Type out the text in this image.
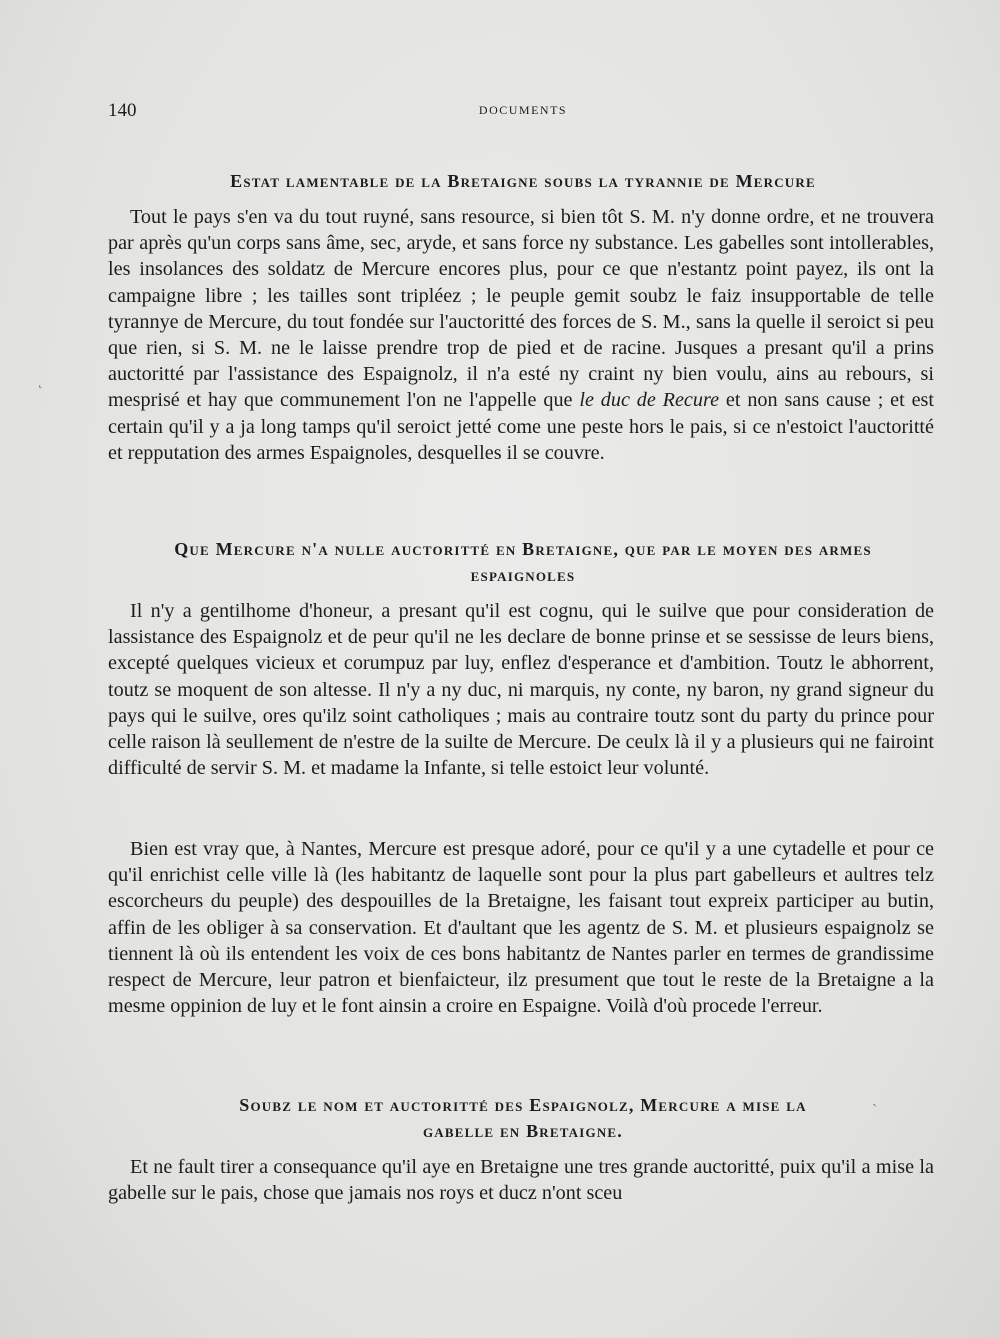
140	DOCUMENTS
Estat lamentable de la Bretaigne soubs la tyrannie de Mercure

Tout le pays s'en va du tout ruyné, sans resource, si bien tôt S. M. n'y donne ordre, et ne trouvera par après qu'un corps sans âme, sec, aryde, et sans force ny substance. Les gabelles sont intollerables, les insolances des soldatz de Mercure encores plus, pour ce que n'estantz point payez, ils ont la campaigne libre ; les tailles sont tripléez ; le peuple gemit soubz le faiz insupportable de telle tyrannye de Mercure, du tout fondée sur l'auctoritté des forces de S. M., sans la quelle il seroict si peu que rien, si S. M. ne le laisse prendre trop de pied et de racine. Jusques a presant qu'il a prins auctoritté par l'assistance des Espaignolz, il n'a esté ny craint ny bien voulu, ains au rebours, si mesprisé et hay que communement l'on ne l'appelle que le duc de Recure et non sans cause ; et est certain qu'il y a ja long tamps qu'il seroict jetté come une peste hors le pais, si ce n'estoict l'auctoritté et repputation des armes Espaignoles, desquelles il se couvre.

Que Mercure n'a nulle auctoritté en Bretaigne, que par le moyen des armes
espaignoles

Il n'y a gentilhome d'honeur, a presant qu'il est cognu, qui le suilve que pour consideration de lassistance des Espaignolz et de peur qu'il ne les declare de bonne prinse et se sessisse de leurs biens, excepté quelques vicieux et corumpuz par luy, enflez d'esperance et d'ambition. Toutz le abhorrent, toutz se moquent de son altesse. Il n'y a ny duc, ni marquis, ny conte, ny baron, ny grand signeur du pays qui le suilve, ores qu'ilz soint catholiques ; mais au contraire toutz sont du party du prince pour celle raison là seullement de n'estre de la suilte de Mercure. De ceulx là il y a plusieurs qui ne fairoint difficulté de servir S. M. et madame la Infante, si telle estoict leur volunté.

Bien est vray que, à Nantes, Mercure est presque adoré, pour ce qu'il y a une cytadelle et pour ce qu'il enrichist celle ville là (les habitantz de laquelle sont pour la plus part gabelleurs et aultres telz escorcheurs du peuple) des despouilles de la Bretaigne, les faisant tout expreix participer au butin, affin de les obliger à sa conservation. Et d'aultant que les agentz de S. M. et plusieurs espaignolz se tiennent là où ils entendent les voix de ces bons habitantz de Nantes parler en termes de grandissime respect de Mercure, leur patron et bienfaicteur, ilz presument que tout le reste de la Bretaigne a la mesme oppinion de luy et le font ainsin a croire en Espaigne. Voilà d'où procede l'erreur.

Soubz le nom et auctoritté des Espaignolz, Mercure a mise la
gabelle en Bretaigne.

Et ne fault tirer a consequance qu'il aye en Bretaigne une tres grande auctoritté, puix qu'il a mise la gabelle sur le pais, chose que jamais nos roys et ducz n'ont sceu

˛
ˏ
